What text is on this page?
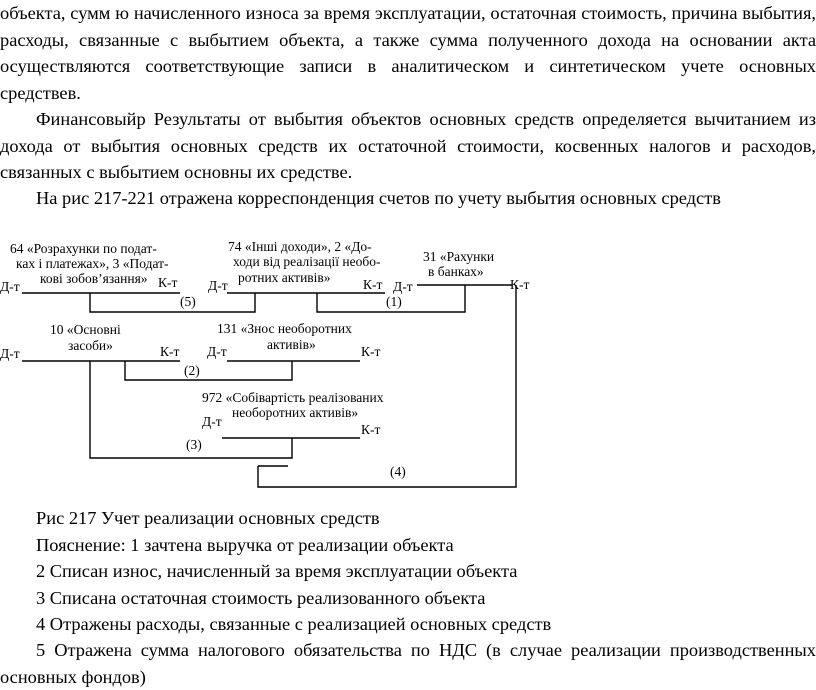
объекта, сумм ю начисленного износа за время эксплуатации, остаточная стоимость, причина выбытия, расходы, связанные с выбытием объекта, а также сумма полученного дохода на основании акта осуществляются соответствующие записи в аналитическом и синтетическом учете основных средствев.

Финансовыйр Результаты от выбытия объектов основных средств определяется вычитанием из дохода от выбытия основных средств их остаточной стоимости, косвенных налогов и расходов, связанных с выбытием основны их средстве.

На рис 217-221 отражена корреспонденция счетов по учету выбытия основных средств

64 «Розрахунки по подат-
ках і платежах», 3 «Подат-
кові зобов’язання»
Д-т	К-т
74 «Інші доходи», 2 «До-
ходи від реалізації необо-
ротних активів»
Д-т	К-т
31 «Рахунки
в банках»
Д-т	К-т
(5)	(1)
10 «Основні
засоби»
Д-т	К-т
131 «Знос необоротних
активів»
Д-т	К-т
(2)
972 «Собівартість реалізованих
необоротних активів»
Д-т
К-т
(3)
(4)

Рис 217 Учет реализации основных средств

Пояснение: 1 зачтена выручка от реализации объекта

2 Списан износ, начисленный за время эксплуатации объекта

3 Списана остаточная стоимость реализованного объекта

4 Отражены расходы, связанные с реализацией основных средств

5 Отражена сумма налогового обязательства по НДС (в случае реализации производственных основных фондов)
